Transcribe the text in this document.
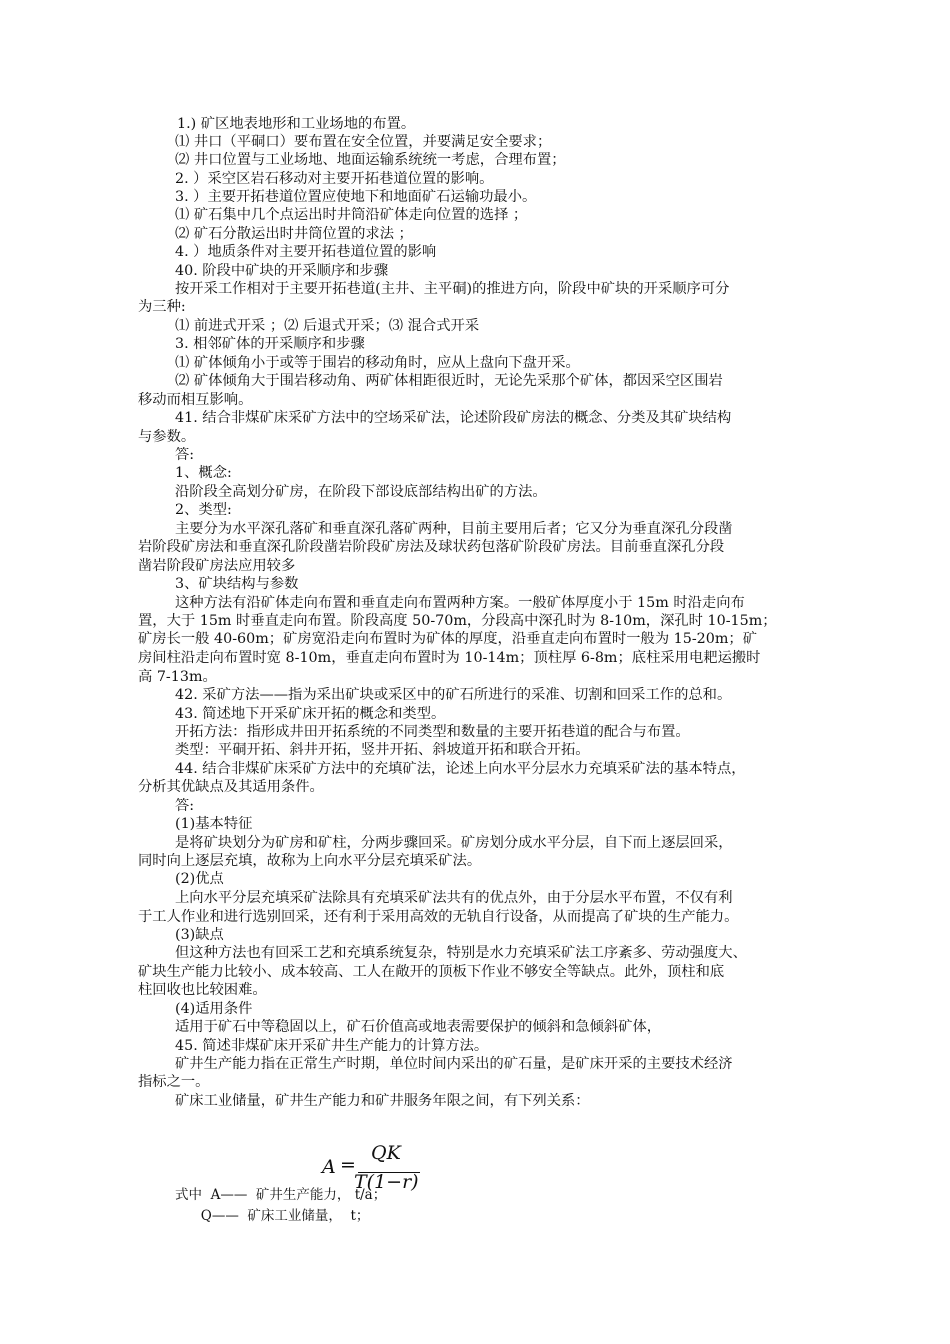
1.) 矿区地表地形和工业场地的布置。
⑴ 井口（平硐口）要布置在安全位置，并要满足安全要求；
⑵ 井口位置与工业场地、地面运输系统统一考虑，合理布置；
2. ）采空区岩石移动对主要开拓巷道位置的影响。
3. ）主要开拓巷道位置应使地下和地面矿石运输功最小。
⑴ 矿石集中几个点运出时井筒沿矿体走向位置的选择 ；
⑵ 矿石分散运出时井筒位置的求法 ；
4. ）地质条件对主要开拓巷道位置的影响
40. 阶段中矿块的开采顺序和步骤
按开采工作相对于主要开拓巷道(主井、主平硐)的推进方向，阶段中矿块的开采顺序可分
为三种:
⑴ 前进式开采 ；⑵ 后退式开采；⑶ 混合式开采
3. 相邻矿体的开采顺序和步骤
⑴ 矿体倾角小于或等于围岩的移动角时，应从上盘向下盘开采。
⑵ 矿体倾角大于围岩移动角、两矿体相距很近时，无论先采那个矿体，都因采空区围岩
移动而相互影响。
41. 结合非煤矿床采矿方法中的空场采矿法，论述阶段矿房法的概念、分类及其矿块结构
与参数。
答:
1、概念:
沿阶段全高划分矿房，在阶段下部设底部结构出矿的方法。
2、类型:
主要分为水平深孔落矿和垂直深孔落矿两种，目前主要用后者；它又分为垂直深孔分段凿
岩阶段矿房法和垂直深孔阶段凿岩阶段矿房法及球状药包落矿阶段矿房法。目前垂直深孔分段
凿岩阶段矿房法应用较多
3、矿块结构与参数
这种方法有沿矿体走向布置和垂直走向布置两种方案。一般矿体厚度小于 15m 时沿走向布
置，大于 15m 时垂直走向布置。阶段高度 50-70m，分段高中深孔时为 8-10m，深孔时 10-15m；
矿房长一般 40-60m；矿房宽沿走向布置时为矿体的厚度，沿垂直走向布置时一般为 15-20m；矿
房间柱沿走向布置时宽 8-10m，垂直走向布置时为 10-14m；顶柱厚 6-8m；底柱采用电耙运搬时
高 7-13m。
42. 采矿方法——指为采出矿块或采区中的矿石所进行的采准、切割和回采工作的总和。
43. 简述地下开采矿床开拓的概念和类型。
开拓方法：指形成井田开拓系统的不同类型和数量的主要开拓巷道的配合与布置。
类型：平硐开拓、斜井开拓，竖井开拓、斜坡道开拓和联合开拓。
44. 结合非煤矿床采矿方法中的充填矿法，论述上向水平分层水力充填采矿法的基本特点，
分析其优缺点及其适用条件。
答:
(1)基本特征
是将矿块划分为矿房和矿柱，分两步骤回采。矿房划分成水平分层，自下而上逐层回采，
同时向上逐层充填，故称为上向水平分层充填采矿法。
(2)优点
上向水平分层充填采矿法除具有充填采矿法共有的优点外，由于分层水平布置，不仅有利
于工人作业和进行选别回采，还有利于采用高效的无轨自行设备，从而提高了矿块的生产能力。
(3)缺点
但这种方法也有回采工艺和充填系统复杂，特别是水力充填采矿法工序紊多、劳动强度大、
矿块生产能力比较小、成本较高、工人在敞开的顶板下作业不够安全等缺点。此外，顶柱和底
柱回收也比较困难。
(4)适用条件
适用于矿石中等稳固以上，矿石价值高或地表需要保护的倾斜和急倾斜矿体，
45. 简述非煤矿床开采矿井生产能力的计算方法。
矿井生产能力指在正常生产时期，单位时间内采出的矿石量，是矿床开采的主要技术经济
指标之一。
矿床工业储量，矿井生产能力和矿井服务年限之间，有下列关系：
A =
QK
T(1−r)
式中  A——  矿井生产能力， t/a；
Q——  矿床工业储量，  t；
